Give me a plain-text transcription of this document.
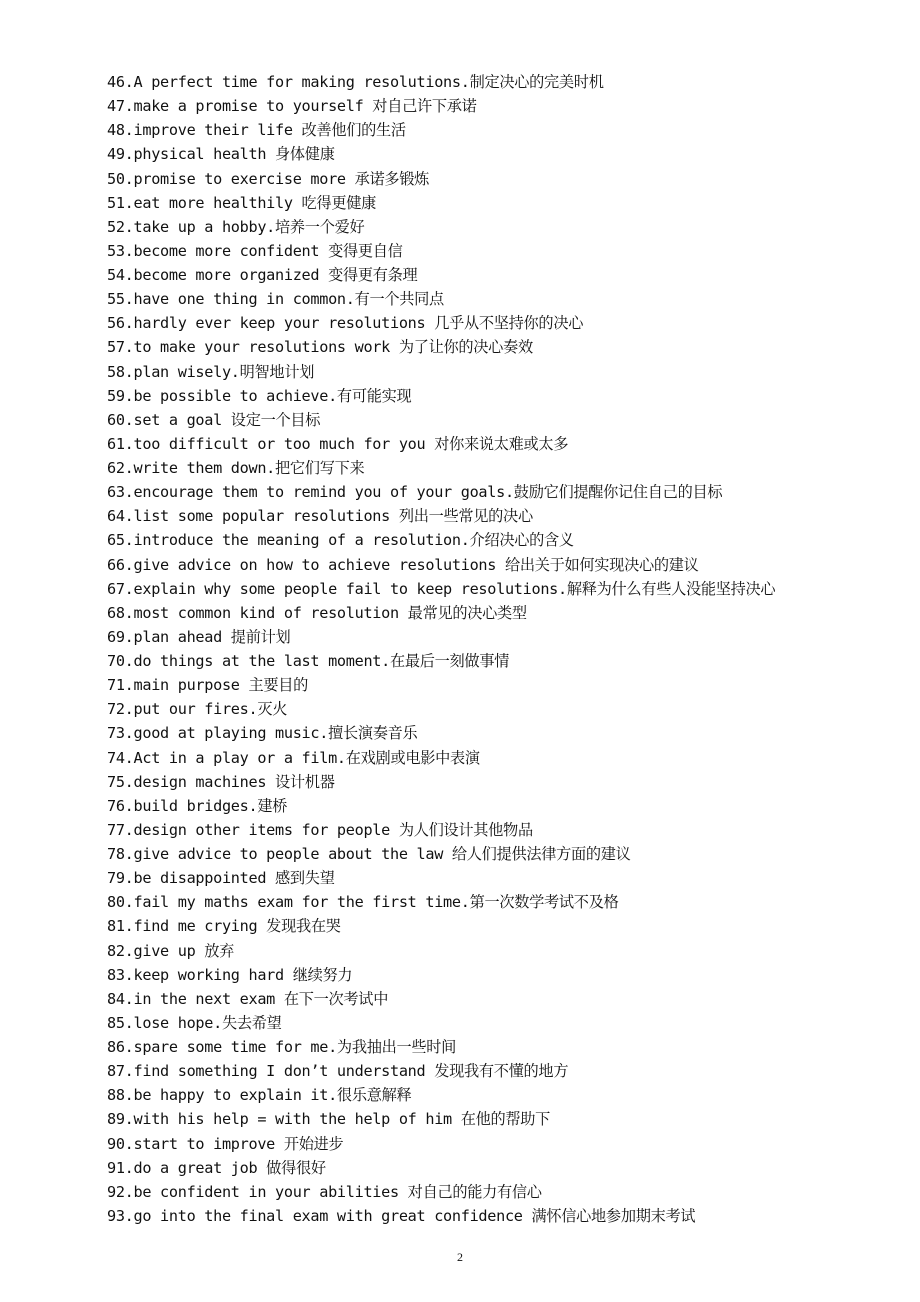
46.A perfect time for making resolutions.制定决心的完美时机
47.make a promise to yourself 对自己许下承诺
48.improve their life 改善他们的生活
49.physical health 身体健康
50.promise to exercise more 承诺多锻炼
51.eat more healthily 吃得更健康
52.take up a hobby.培养一个爱好
53.become more confident 变得更自信
54.become more organized 变得更有条理
55.have one thing in common.有一个共同点
56.hardly ever keep your resolutions 几乎从不坚持你的决心
57.to make your resolutions work 为了让你的决心奏效
58.plan wisely.明智地计划
59.be possible to achieve.有可能实现
60.set a goal 设定一个目标
61.too difficult or too much for you 对你来说太难或太多
62.write them down.把它们写下来
63.encourage them to remind you of your goals.鼓励它们提醒你记住自己的目标
64.list some popular resolutions 列出一些常见的决心
65.introduce the meaning of a resolution.介绍决心的含义
66.give advice on how to achieve resolutions 给出关于如何实现决心的建议
67.explain why some people fail to keep resolutions.解释为什么有些人没能坚持决心
68.most common kind of resolution 最常见的决心类型
69.plan ahead 提前计划
70.do things at the last moment.在最后一刻做事情
71.main purpose 主要目的
72.put our fires.灭火
73.good at playing music.擅长演奏音乐
74.Act in a play or a film.在戏剧或电影中表演
75.design machines 设计机器
76.build bridges.建桥
77.design other items for people 为人们设计其他物品
78.give advice to people about the law 给人们提供法律方面的建议
79.be disappointed 感到失望
80.fail my maths exam for the first time.第一次数学考试不及格
81.find me crying 发现我在哭
82.give up 放弃
83.keep working hard 继续努力
84.in the next exam 在下一次考试中
85.lose hope.失去希望
86.spare some time for me.为我抽出一些时间
87.find something I don’t understand 发现我有不懂的地方
88.be happy to explain it.很乐意解释
89.with his help = with the help of him 在他的帮助下
90.start to improve 开始进步
91.do a great job 做得很好
92.be confident in your abilities 对自己的能力有信心
93.go into the final exam with great confidence 满怀信心地参加期末考试
2
